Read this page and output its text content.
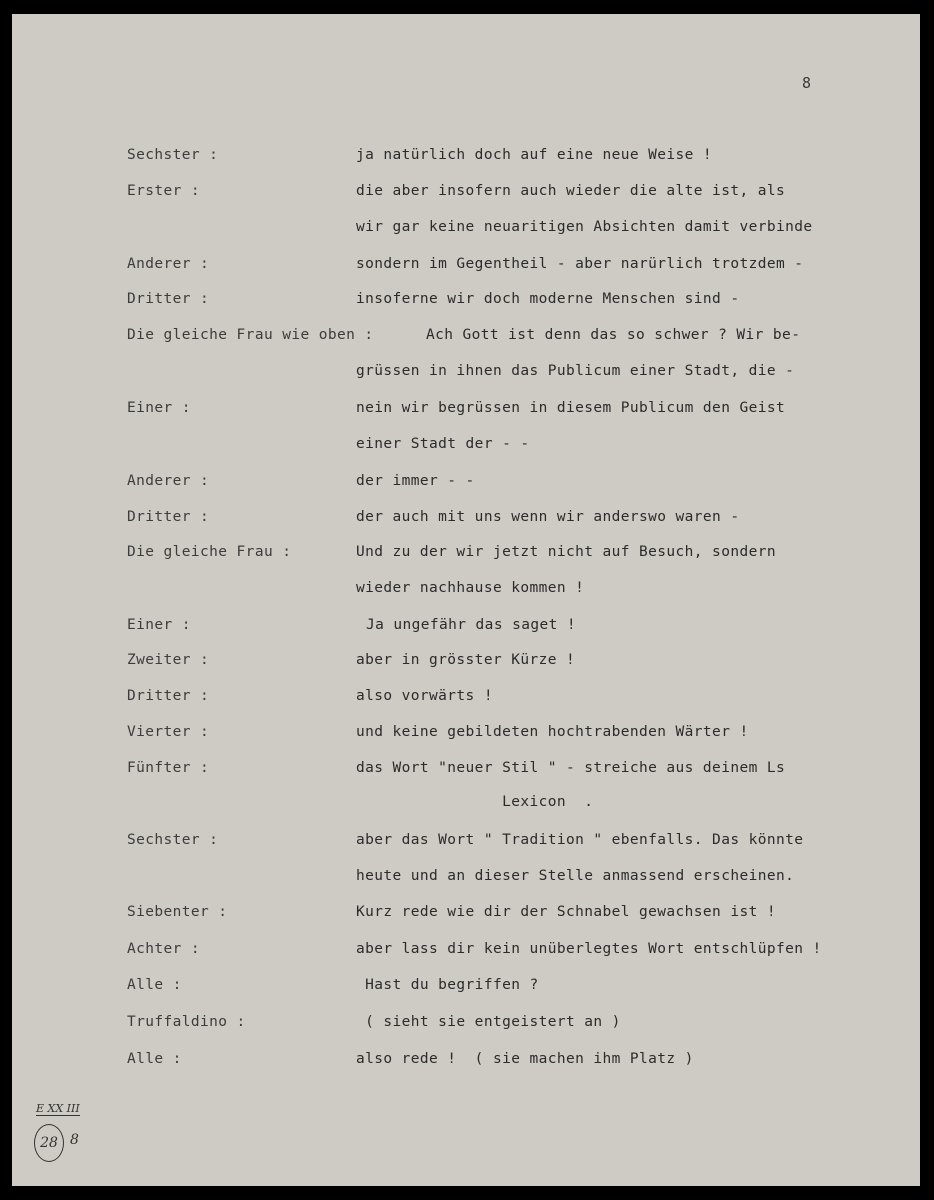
8

Sechster :	ja natürlich doch auf eine neue Weise !
Erster :	die aber insofern auch wieder die alte ist, als
wir gar keine neuaritigen Absichten damit verbinde
Anderer :	sondern im Gegentheil - aber narürlich trotzdem -
Dritter :	insoferne wir doch moderne Menschen sind -
Die gleiche Frau wie oben :	Ach Gott ist denn das so schwer ? Wir be-
grüssen in ihnen das Publicum einer Stadt, die -
Einer :	nein wir begrüssen in diesem Publicum den Geist
einer Stadt der - -
Anderer :	der immer - -
Dritter :	der auch mit uns wenn wir anderswo waren -
Die gleiche Frau :	Und zu der wir jetzt nicht auf Besuch, sondern
wieder nachhause kommen !
Einer :	Ja ungefähr das saget !
Zweiter :	aber in grösster Kürze !
Dritter :	also vorwärts !
Vierter :	und keine gebildeten hochtrabenden Wärter !
Fünfter :	das Wort "neuer Stil " - streiche aus deinem Ls
Lexicon  .
Sechster :	aber das Wort " Tradition " ebenfalls. Das könnte
heute und an dieser Stelle anmassend erscheinen.
Siebenter :	Kurz rede wie dir der Schnabel gewachsen ist !
Achter :	aber lass dir kein unüberlegtes Wort entschlüpfen !
Alle :	Hast du begriffen ?
Truffaldino :	( sieht sie entgeistert an )
Alle :	also rede !  ( sie machen ihm Platz )
E XX III
28 8
